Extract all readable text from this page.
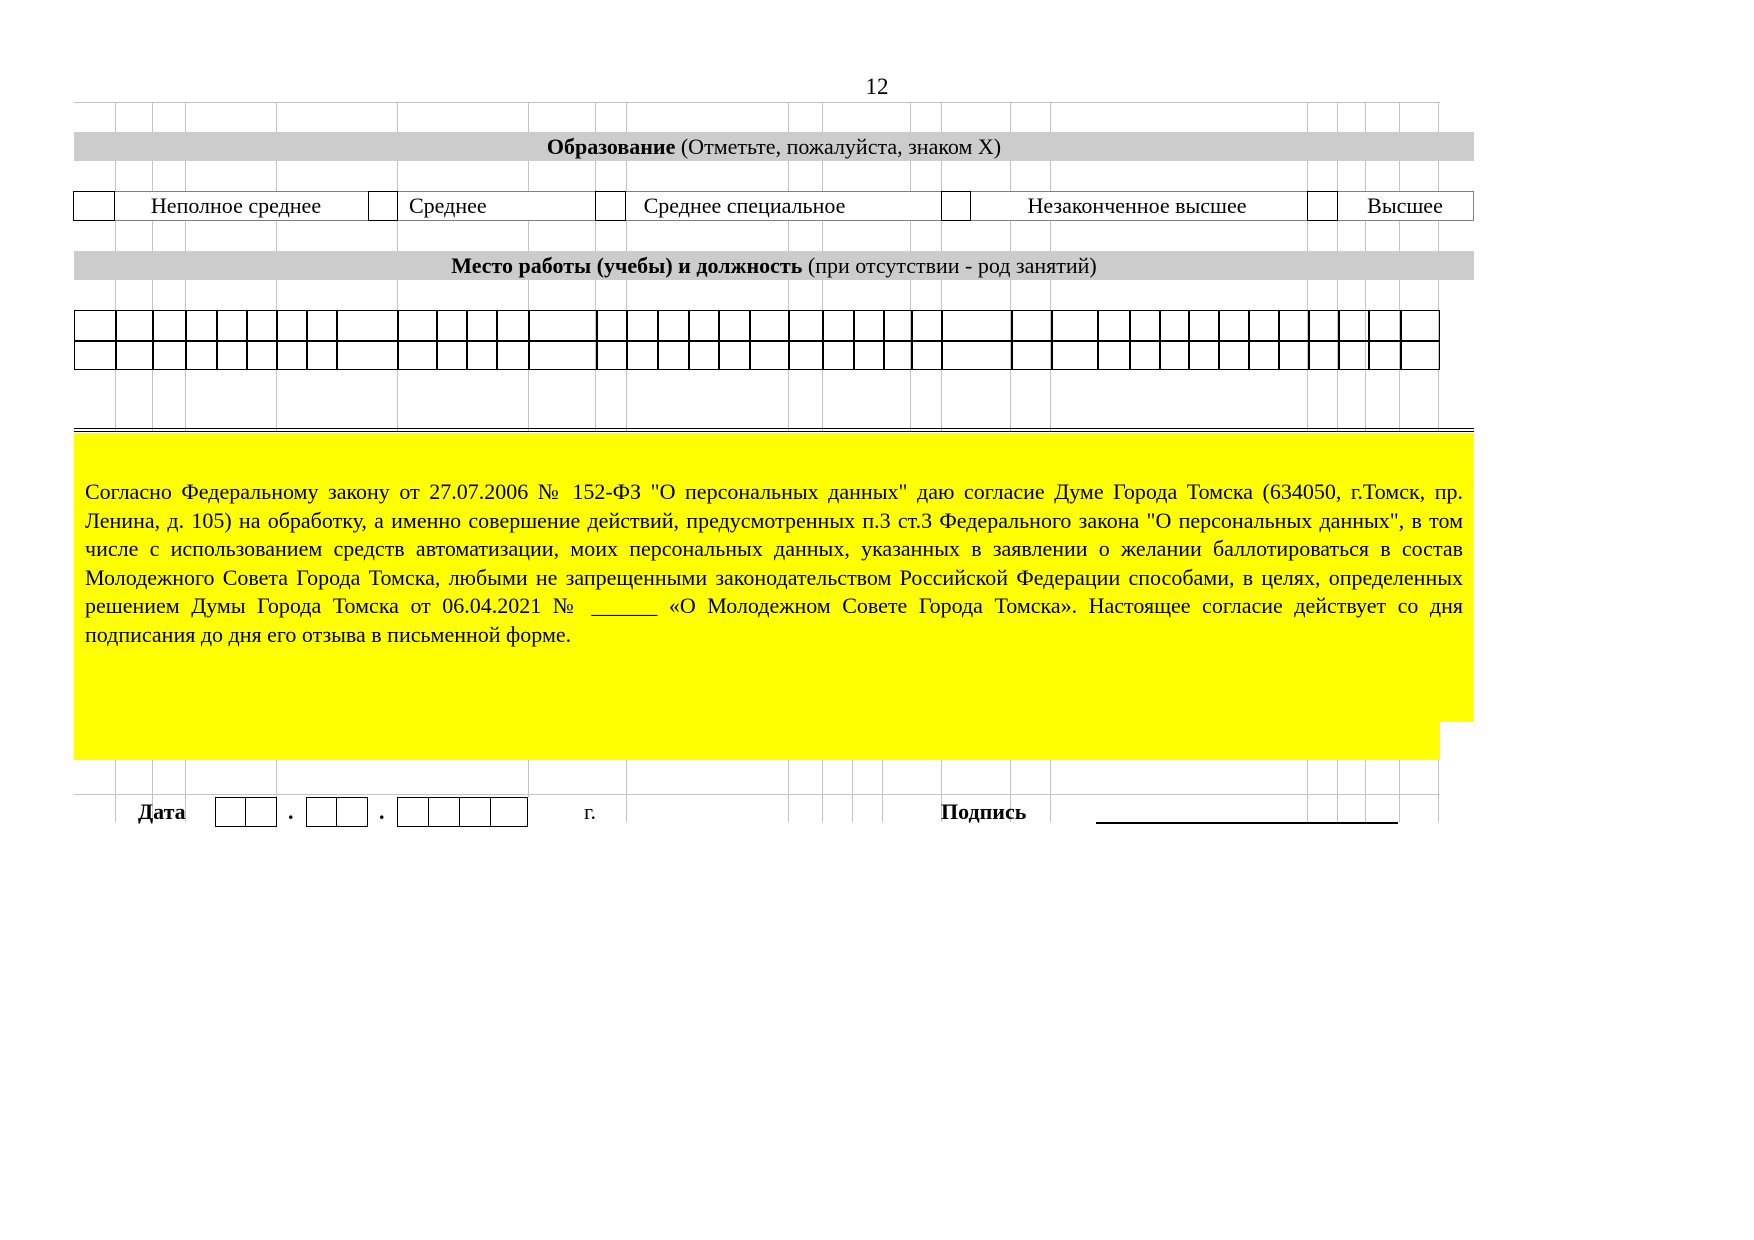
12
Образование (Отметьте, пожалуйста, знаком Х)
Неполное среднее	Среднее	Среднее специальное	Незаконченное высшее	Высшее
Место работы (учебы) и должность (при отсутствии - род занятий)
Согласно Федеральному закону от 27.07.2006 № 152-ФЗ "О персональных данных" даю согласие Думе Города Томска (634050, г.Томск, пр. Ленина, д. 105) на обработку, а именно совершение действий, предусмотренных п.3 ст.3 Федерального закона "О персональных данных", в том числе с использованием средств автоматизации, моих персональных данных, указанных в заявлении о желании баллотироваться в состав Молодежного Совета Города Томска, любыми не запрещенными законодательством Российской Федерации способами, в целях, определенных решением Думы Города Томска от 06.04.2021 № ______ «О Молодежном Совете Города Томска». Настоящее согласие действует со дня подписания до дня его отзыва в письменной форме.
Дата	.	.	г.	Подпись
